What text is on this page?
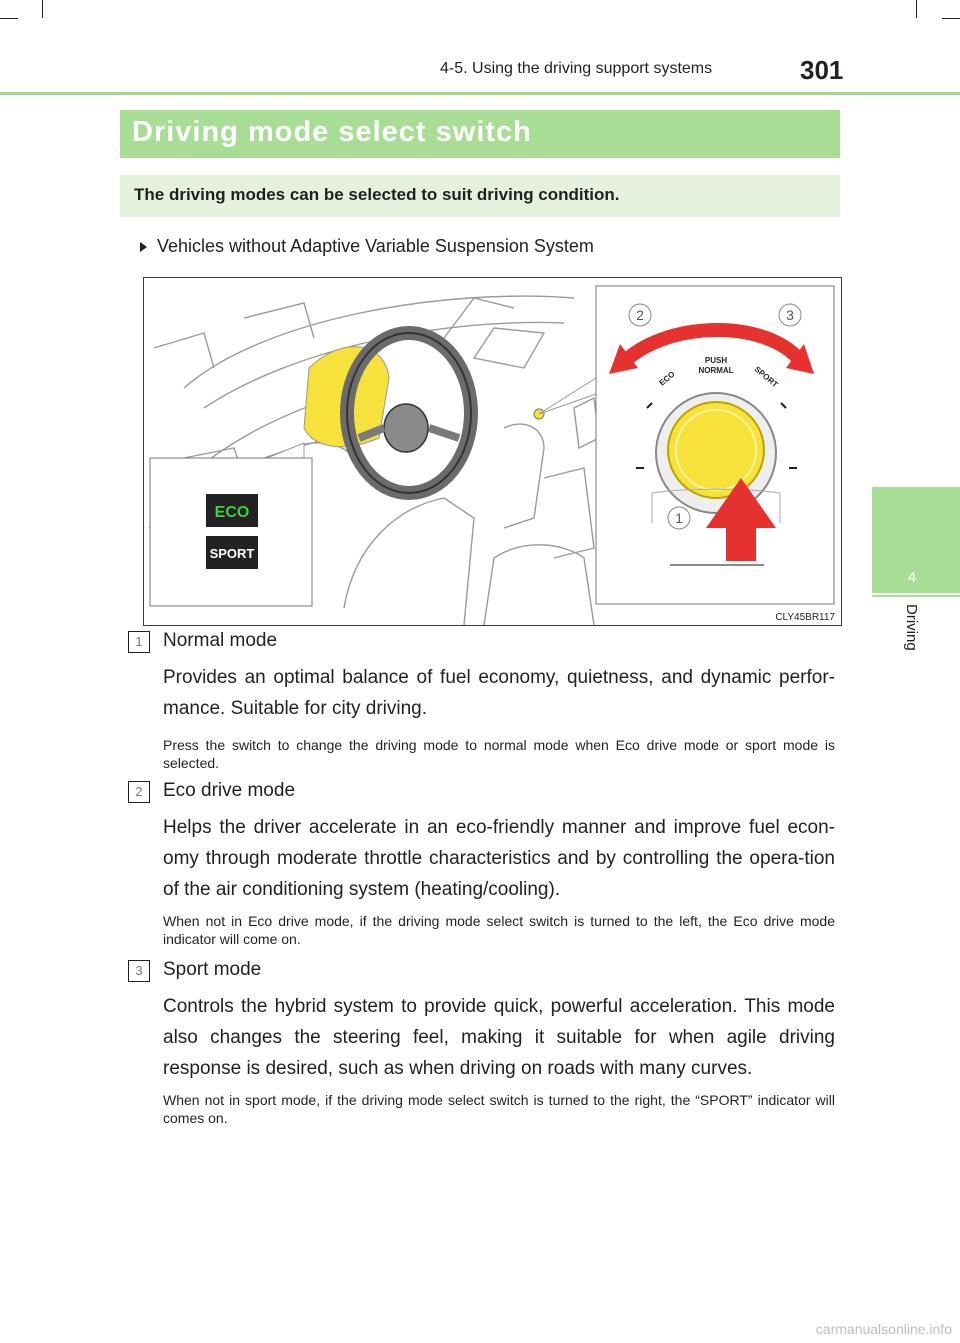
4-5. Using the driving support systems	301
4
Driving
Driving mode select switch
The driving modes can be selected to suit driving condition.
Vehicles without Adaptive Variable Suspension System
ECO
SPORT
PUSH
NORMAL
ECO	SPORT
2	3
1
CLY45BR117
1	Normal mode
Provides an optimal balance of fuel economy, quietness, and dynamic perfor-mance. Suitable for city driving.
Press the switch to change the driving mode to normal mode when Eco drive mode or sport mode is selected.
2	Eco drive mode
Helps the driver accelerate in an eco-friendly manner and improve fuel econ-omy through moderate throttle characteristics and by controlling the opera-tion of the air conditioning system (heating/cooling).
When not in Eco drive mode, if the driving mode select switch is turned to the left, the Eco drive mode indicator will come on.
3	Sport mode
Controls the hybrid system to provide quick, powerful acceleration. This mode also changes the steering feel, making it suitable for when agile driving response is desired, such as when driving on roads with many curves.
When not in sport mode, if the driving mode select switch is turned to the right, the “SPORT” indicator will comes on.
carmanualsonline.info
